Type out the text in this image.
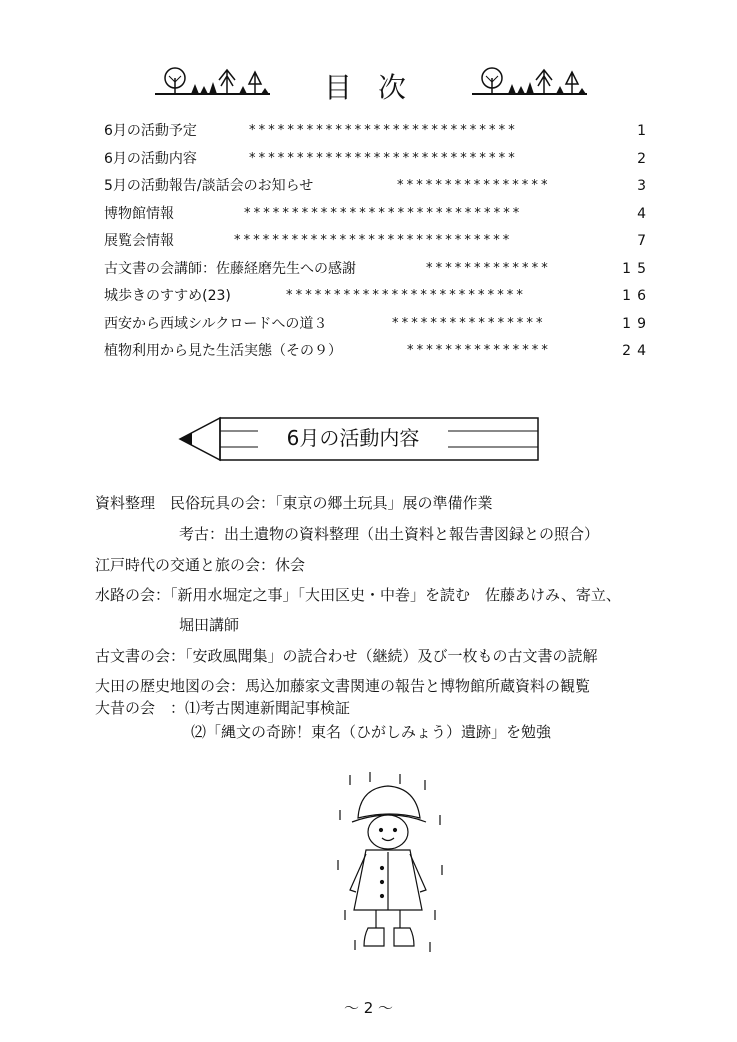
目次
6月の活動予定	****************************	1
6月の活動内容	****************************	2
5月の活動報告/談話会のお知らせ	****************	3
博物館情報	*****************************	4
展覧会情報	*****************************	7
古文書の会講師：佐藤経磨先生への感謝	*************	15
城歩きのすすめ(23)	*************************	16
西安から西域シルクロードへの道３	****************	19
植物利用から見た生活実態（その９）	***************	24
6月の活動内容
資料整理　民俗玩具の会：「東京の郷土玩具」展の準備作業
考古：出土遺物の資料整理（出土資料と報告書図録との照合）
江戸時代の交通と旅の会：休会
水路の会：「新用水堀定之事」「大田区史・中巻」を読む　佐藤あけみ、寄立、
堀田講師
古文書の会：「安政風聞集」の読合わせ（継続）及び一枚もの古文書の読解
大田の歴史地図の会：馬込加藤家文書関連の報告と博物館所蔵資料の観覧
大昔の会　：⑴考古関連新聞記事検証
⑵「縄文の奇跡！東名（ひがしみょう）遺跡」を勉強
～ 2 ～
